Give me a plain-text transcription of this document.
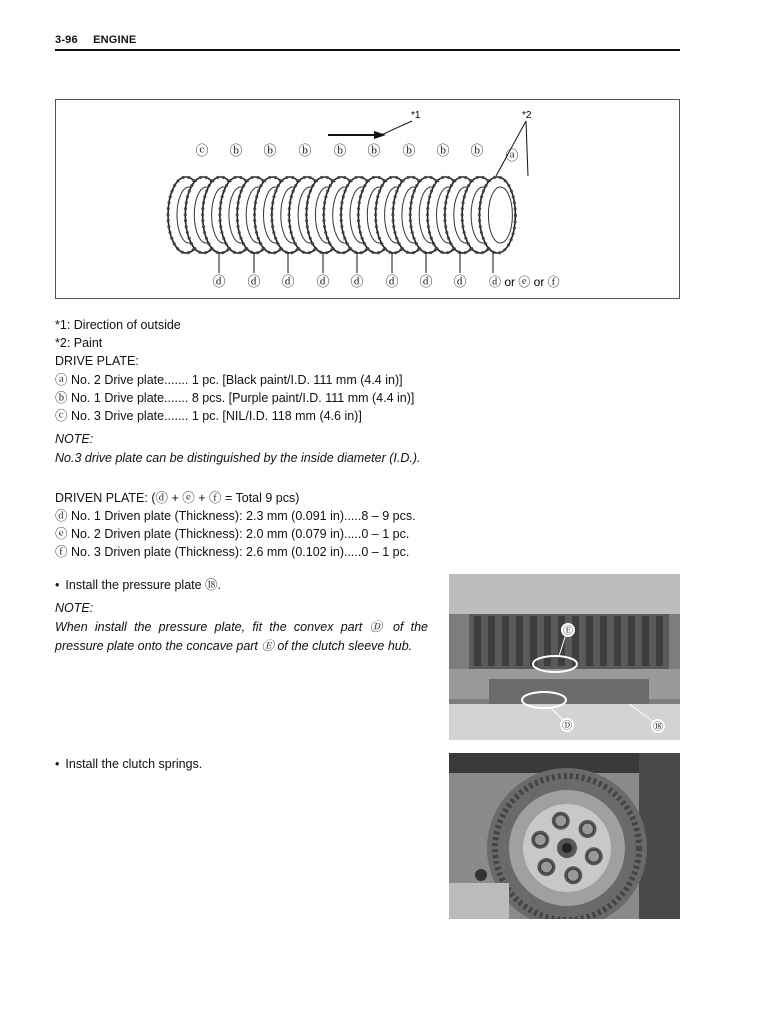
3-96 ENGINE
*1	*2
ⓒ ⓑ ⓑ ⓑ ⓑ ⓑ ⓑ ⓑ ⓑ ⓐ
ⓓ ⓓ ⓓ ⓓ ⓓ ⓓ ⓓ ⓓ ⓓ or ⓔ or ⓕ
*1: Direction of outside
*2: Paint
DRIVE PLATE:
ⓐ No. 2 Drive plate....... 1 pc. [Black paint/I.D. 111 mm (4.4 in)]
ⓑ No. 1 Drive plate....... 8 pcs. [Purple paint/I.D. 111 mm (4.4 in)]
ⓒ No. 3 Drive plate....... 1 pc. [NIL/I.D. 118 mm (4.6 in)]
NOTE:
No.3 drive plate can be distinguished by the inside diameter (I.D.).
DRIVEN PLATE: (ⓓ + ⓔ + ⓕ = Total 9 pcs)
ⓓ No. 1 Driven plate (Thickness): 2.3 mm (0.091 in).....8 – 9 pcs.
ⓔ No. 2 Driven plate (Thickness): 2.0 mm (0.079 in).....0 – 1 pc.
ⓕ No. 3 Driven plate (Thickness): 2.6 mm (0.102 in).....0 – 1 pc.
• Install the pressure plate ⑱.
NOTE:
When install the pressure plate, fit the convex part Ⓓ of the pressure plate onto the concave part Ⓔ of the clutch sleeve hub.
Ⓔ
Ⓓ	⑱
• Install the clutch springs.
